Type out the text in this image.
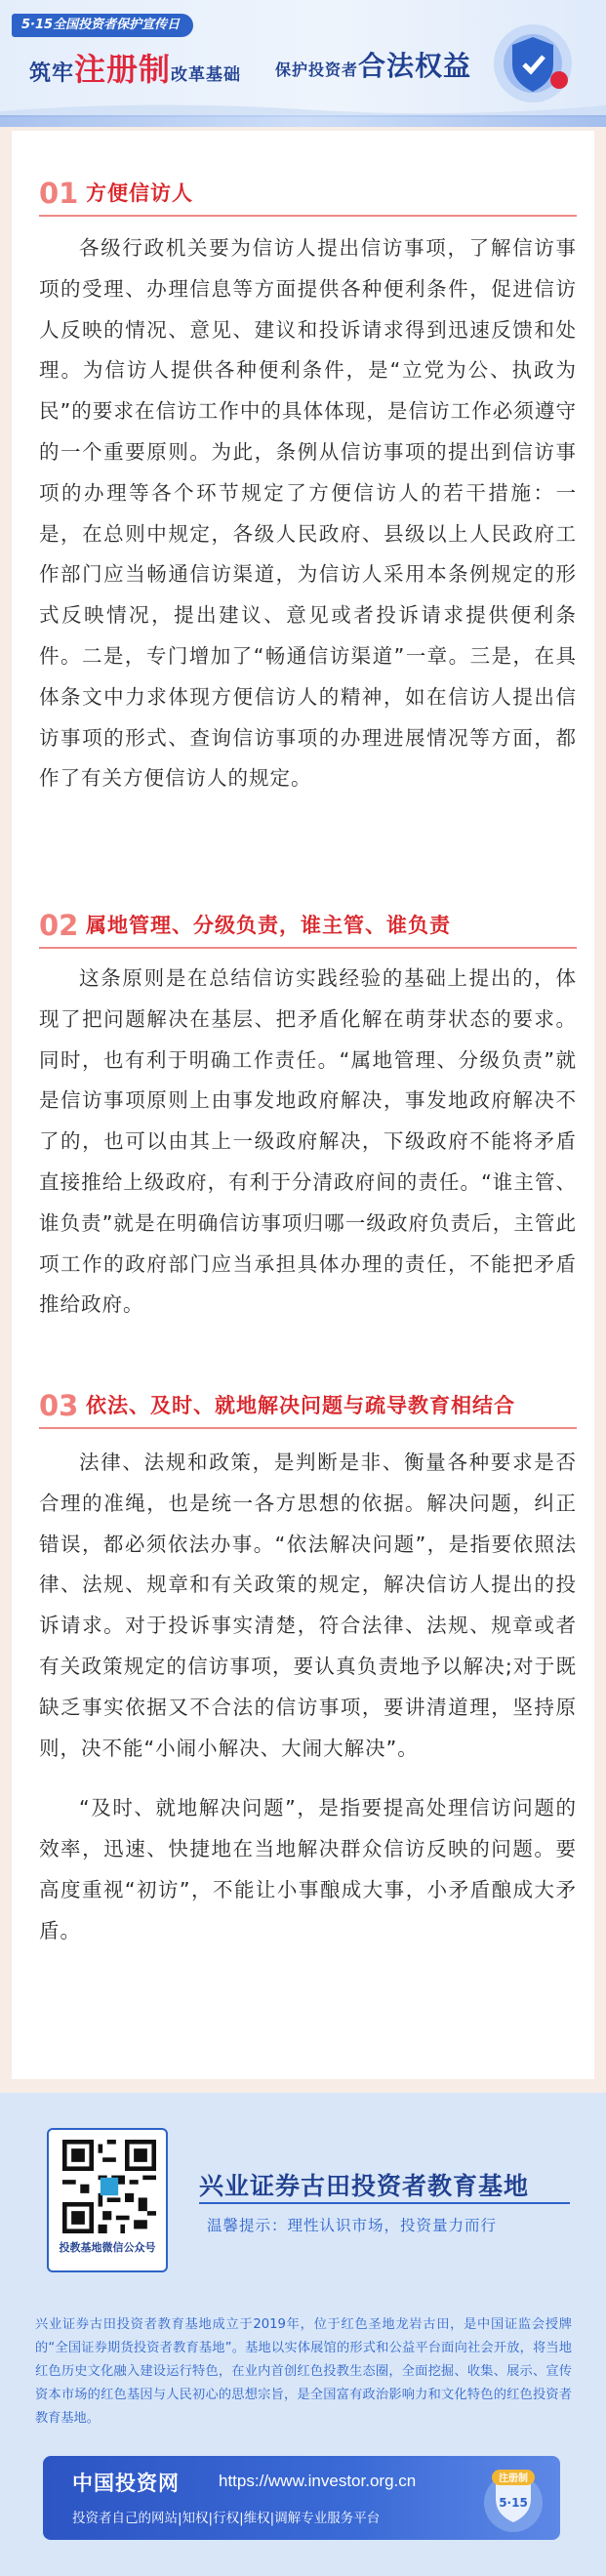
5·15全国投资者保护宣传日
筑牢注册制改革基础 保护投资者合法权益
01 方便信访人

各级行政机关要为信访人提出信访事项，了解信访事项的受理、办理信息等方面提供各种便利条件，促进信访人反映的情况、意见、建议和投诉请求得到迅速反馈和处理。为信访人提供各种便利条件，是“立党为公、执政为民”的要求在信访工作中的具体体现，是信访工作必须遵守的一个重要原则。为此，条例从信访事项的提出到信访事项的办理等各个环节规定了方便信访人的若干措施：一是，在总则中规定，各级人民政府、县级以上人民政府工作部门应当畅通信访渠道，为信访人采用本条例规定的形式反映情况，提出建议、意见或者投诉请求提供便利条件。二是，专门增加了“畅通信访渠道”一章。三是，在具体条文中力求体现方便信访人的精神，如在信访人提出信访事项的形式、查询信访事项的办理进展情况等方面，都作了有关方便信访人的规定。

02 属地管理、分级负责，谁主管、谁负责

这条原则是在总结信访实践经验的基础上提出的，体现了把问题解决在基层、把矛盾化解在萌芽状态的要求。同时，也有利于明确工作责任。“属地管理、分级负责”就是信访事项原则上由事发地政府解决，事发地政府解决不了的，也可以由其上一级政府解决，下级政府不能将矛盾直接推给上级政府，有利于分清政府间的责任。“谁主管、谁负责”就是在明确信访事项归哪一级政府负责后，主管此项工作的政府部门应当承担具体办理的责任，不能把矛盾推给政府。

03 依法、及时、就地解决问题与疏导教育相结合

法律、法规和政策，是判断是非、衡量各种要求是否合理的准绳，也是统一各方思想的依据。解决问题，纠正错误，都必须依法办事。“依法解决问题”，是指要依照法律、法规、规章和有关政策的规定，解决信访人提出的投诉请求。对于投诉事实清楚，符合法律、法规、规章或者有关政策规定的信访事项，要认真负责地予以解决;对于既缺乏事实依据又不合法的信访事项，要讲清道理，坚持原则，决不能“小闹小解决、大闹大解决”。

“及时、就地解决问题”，是指要提高处理信访问题的效率，迅速、快捷地在当地解决群众信访反映的问题。要高度重视“初访”，不能让小事酿成大事，小矛盾酿成大矛盾。

投教基地微信公众号
兴业证券古田投资者教育基地
温馨提示：理性认识市场，投资量力而行
兴业证券古田投资者教育基地成立于2019年，位于红色圣地龙岩古田，是中国证监会授牌的“全国证券期货投资者教育基地”。基地以实体展馆的形式和公益平台面向社会开放，将当地红色历史文化融入建设运行特色，在业内首创红色投教生态圈，全面挖掘、收集、展示、宣传资本市场的红色基因与人民初心的思想宗旨，是全国富有政治影响力和文化特色的红色投资者教育基地。
中国投资网 https://www.investor.org.cn
投资者自己的网站|知权|行权|维权|调解专业服务平台
注册制
5·15
